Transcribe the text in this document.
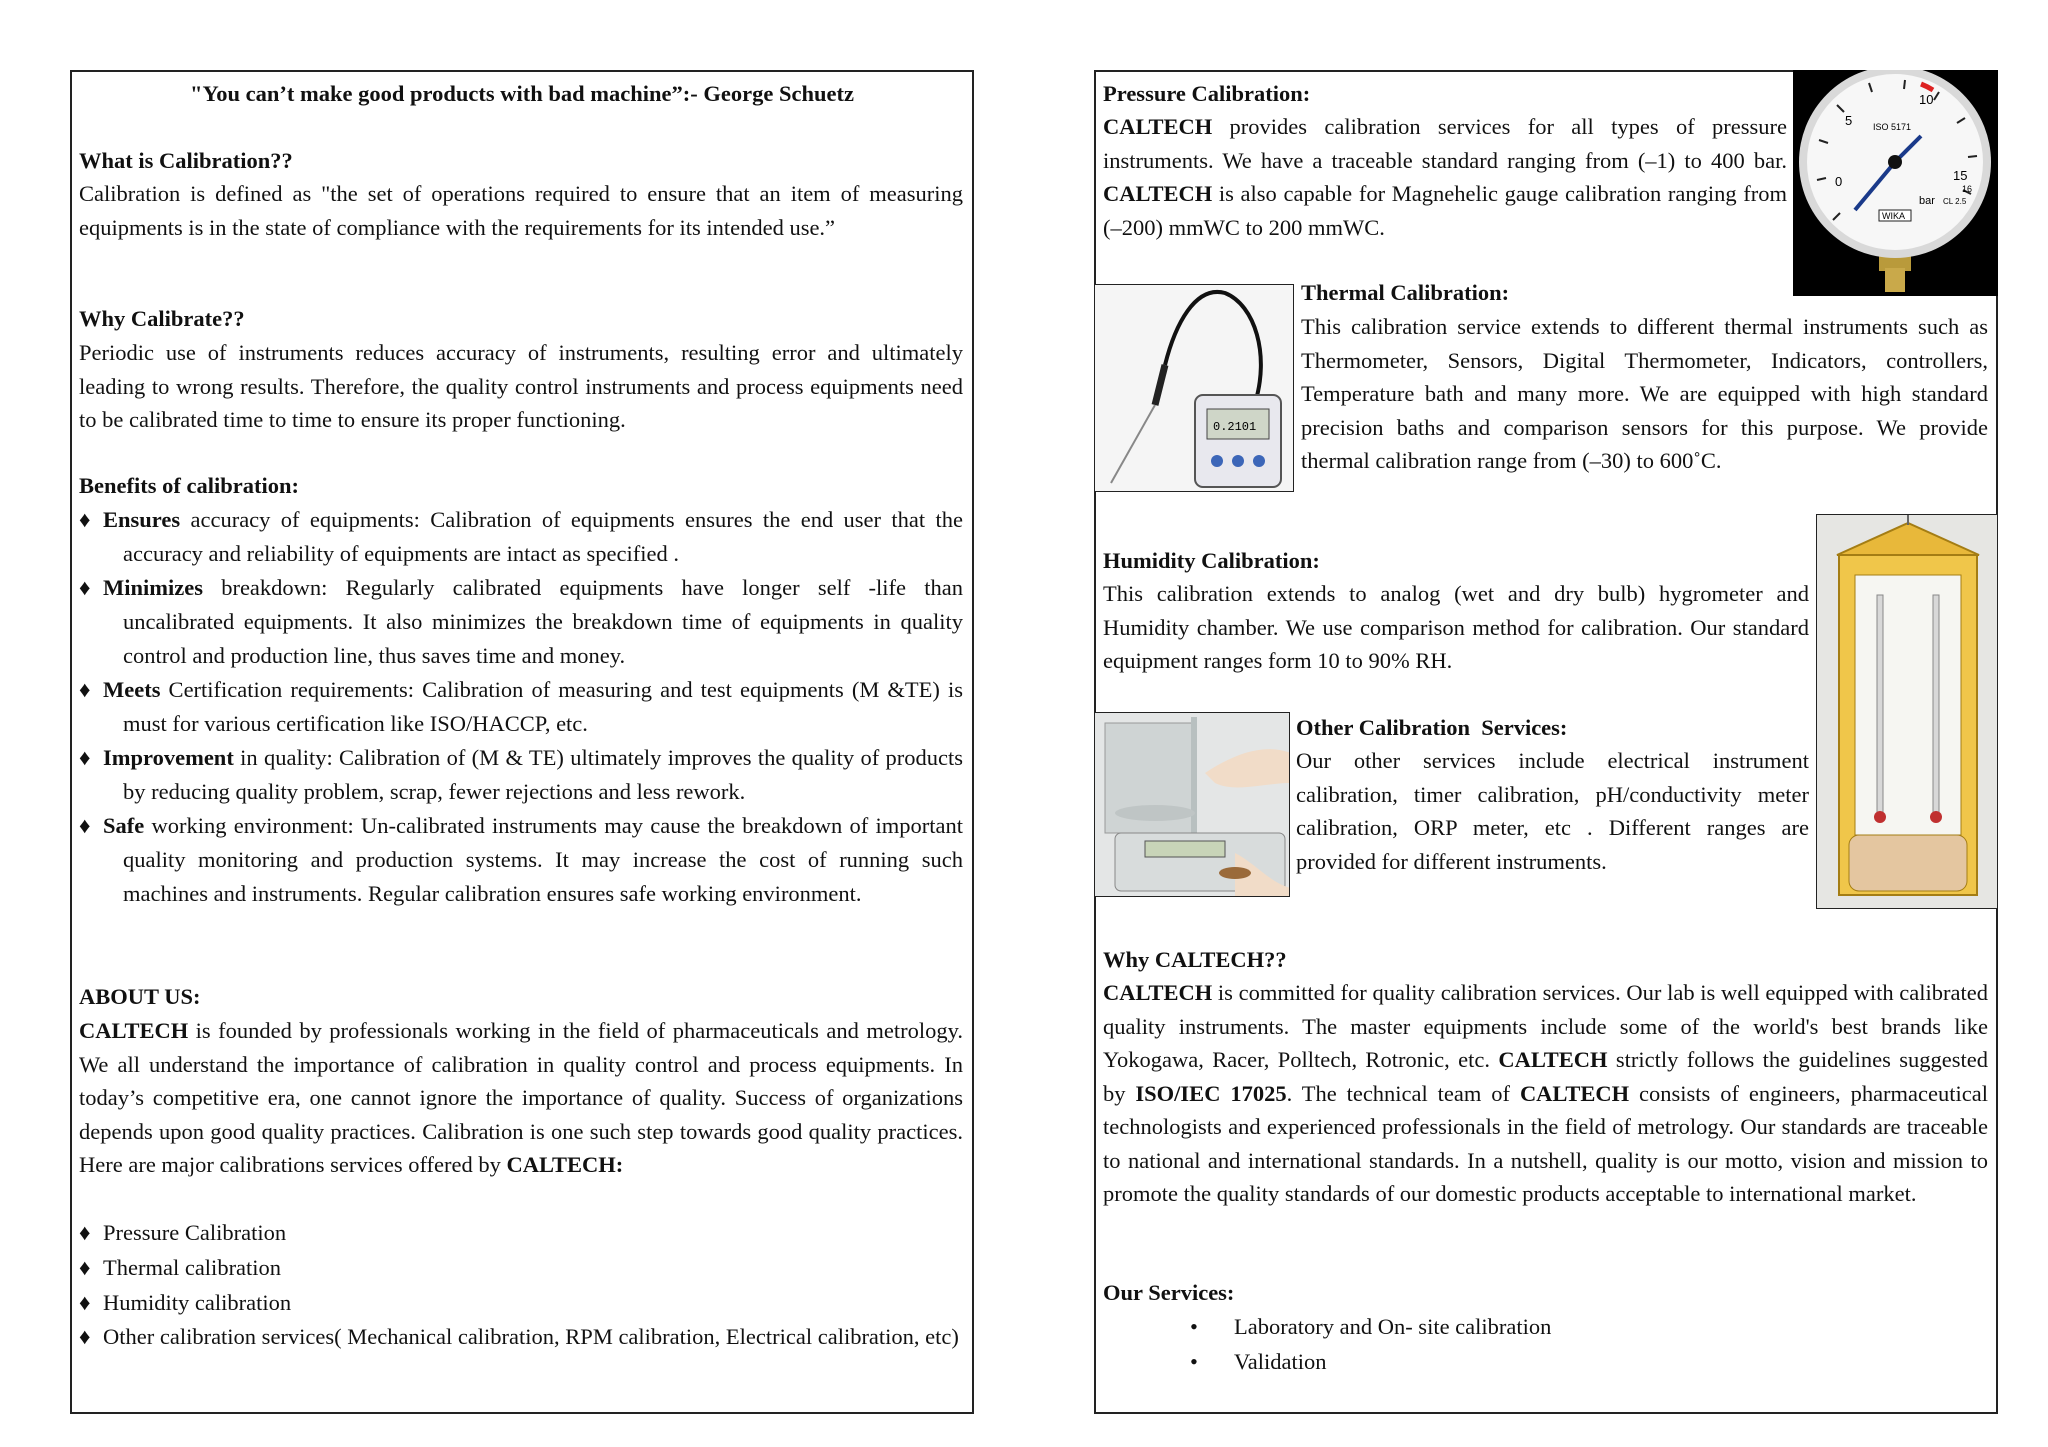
"You can’t make good products with bad machine”:- George Schuetz
What is Calibration??
Calibration is defined as "the set of operations required to ensure that an item of measuring equipments is in the state of compliance with the requirements for its intended use.”
Why Calibrate??
Periodic use of instruments reduces accuracy of instruments, resulting error and ultimately leading to wrong results. Therefore, the quality control instruments and process equipments need to be calibrated time to time to ensure its proper functioning.
Benefits of calibration:
♦ Ensures accuracy of equipments: Calibration of equipments ensures the end user that the accuracy and reliability of equipments are intact as specified .
♦ Minimizes breakdown: Regularly calibrated equipments have longer self -life than uncalibrated equipments. It also minimizes the breakdown time of equipments in quality control and production line, thus saves time and money.
♦ Meets Certification requirements: Calibration of measuring and test equipments (M &TE) is must for various certification like ISO/HACCP, etc.
♦ Improvement in quality: Calibration of (M & TE) ultimately improves the quality of products by reducing quality problem, scrap, fewer rejections and less rework.
♦ Safe working environment: Un-calibrated instruments may cause the breakdown of important quality monitoring and production systems. It may increase the cost of running such machines and instruments. Regular calibration ensures safe working environment.
ABOUT US:
CALTECH is founded by professionals working in the field of pharmaceuticals and metrology. We all understand the importance of calibration in quality control and process equipments. In today’s competitive era, one cannot ignore the importance of quality. Success of organizations depends upon good quality practices. Calibration is one such step towards good quality practices. Here are major calibrations services offered by CALTECH:
♦ Pressure Calibration
♦ Thermal calibration
♦ Humidity calibration
♦ Other calibration services( Mechanical calibration, RPM calibration, Electrical calibration, etc)
0
5
10
15
16
ISO 5171
bar CL 2.5
WIKA
Pressure Calibration:
CALTECH provides calibration services for all types of pressure instruments. We have a traceable standard ranging from (–1) to 400 bar. CALTECH is also capable for Magnehelic gauge calibration ranging from (–200) mmWC to 200 mmWC.
0.2101
Thermal Calibration:
This calibration service extends to different thermal instruments such as Thermometer, Sensors, Digital Thermometer, Indicators, controllers, Temperature bath and many more. We are equipped with high standard precision baths and comparison sensors for this purpose. We provide thermal calibration range from (–30) to 600˚C.
Humidity Calibration:
This calibration extends to analog (wet and dry bulb) hygrometer and Humidity chamber. We use comparison method for calibration. Our standard equipment ranges form 10 to 90% RH.
Other Calibration  Services:
Our other services include electrical instrument calibration, timer calibration, pH/conductivity meter calibration, ORP meter, etc . Different ranges are provided for different instruments.
Why CALTECH??
CALTECH is committed for quality calibration services. Our lab is well equipped with calibrated quality instruments. The master equipments include some of the world's best brands like Yokogawa, Racer, Polltech, Rotronic, etc. CALTECH strictly follows the guidelines suggested by ISO/IEC 17025. The technical team of CALTECH consists of engineers, pharmaceutical technologists and experienced professionals in the field of metrology. Our standards are traceable to national and international standards. In a nutshell, quality is our motto, vision and mission to promote the quality standards of our domestic products acceptable to international market.
Our Services:
• Laboratory and On- site calibration
• Validation
